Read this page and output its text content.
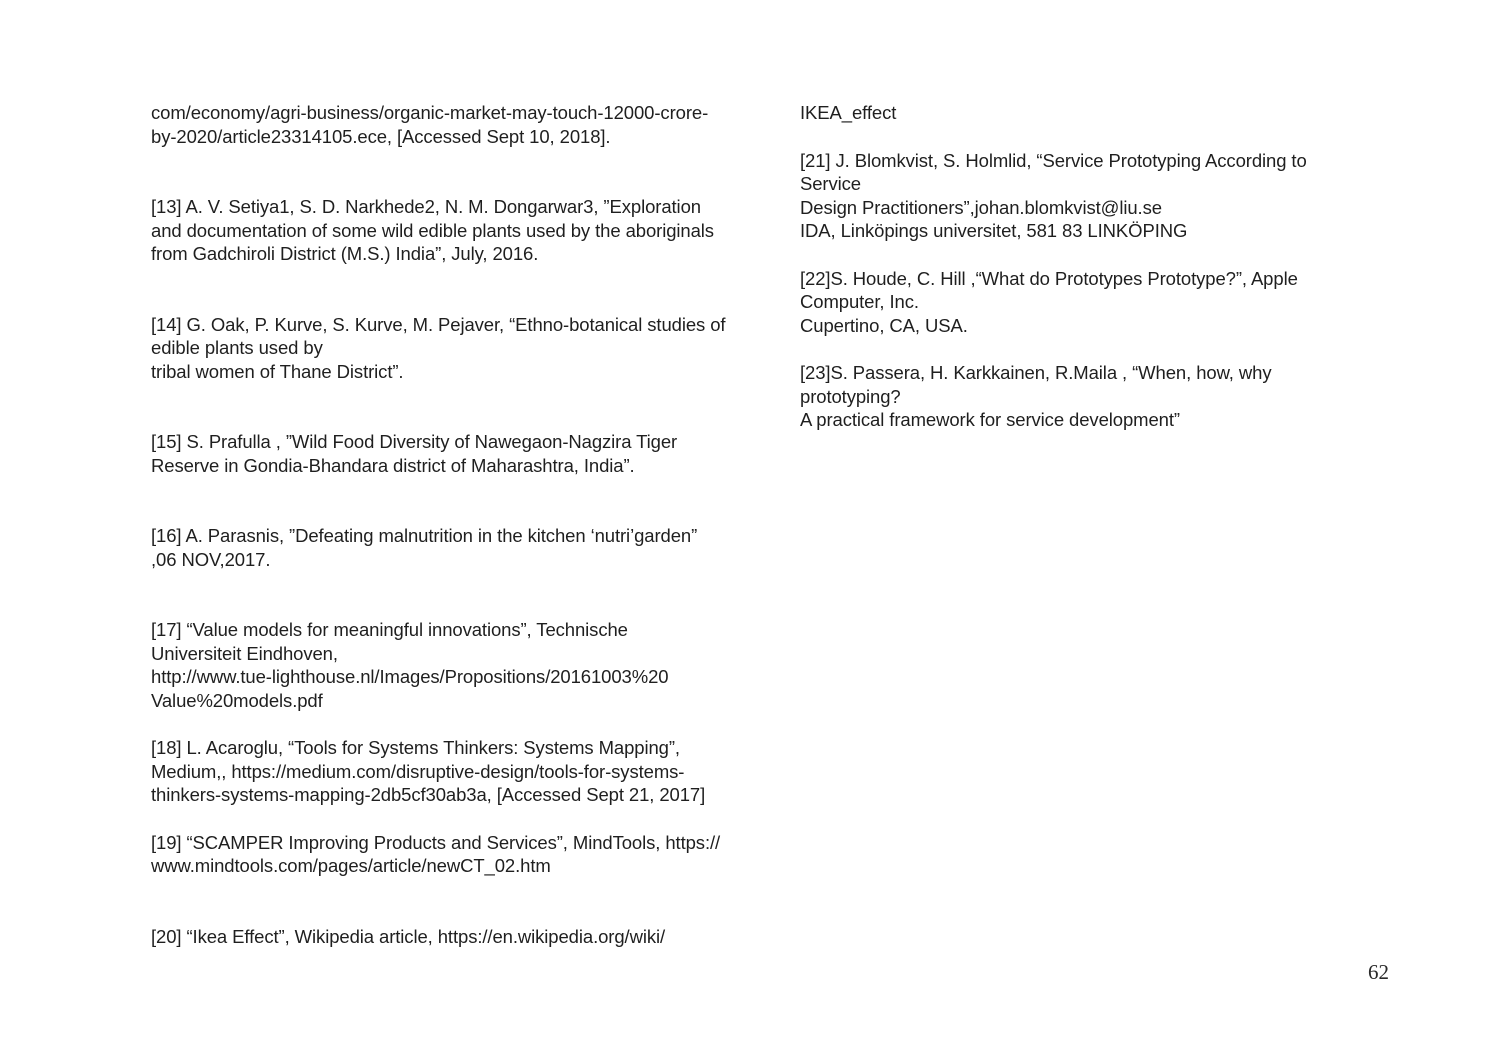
com/economy/agri-business/organic-market-may-touch-12000-crore-
by-2020/article23314105.ece, [Accessed Sept 10, 2018].
[13] A. V. Setiya1, S. D. Narkhede2, N. M. Dongarwar3, ”Exploration
and documentation of some wild edible plants used by the aboriginals
from Gadchiroli District (M.S.) India”, July, 2016.
[14] G. Oak, P. Kurve, S. Kurve, M. Pejaver, “Ethno-botanical studies of
edible plants used by
tribal women of Thane District”.
[15] S. Prafulla , ”Wild Food Diversity of Nawegaon-Nagzira Tiger
Reserve in Gondia-Bhandara district of Maharashtra, India”.
[16] A. Parasnis, ”Defeating malnutrition in the kitchen ‘nutri’garden”
,06 NOV,2017.
[17] “Value models for meaningful innovations”, Technische
Universiteit Eindhoven,
http://www.tue-lighthouse.nl/Images/Propositions/20161003%20
Value%20models.pdf
[18] L. Acaroglu, “Tools for Systems Thinkers: Systems Mapping”,
Medium,, https://medium.com/disruptive-design/tools-for-systems-
thinkers-systems-mapping-2db5cf30ab3a, [Accessed Sept 21, 2017]
[19] “SCAMPER Improving Products and Services”, MindTools, https://
www.mindtools.com/pages/article/newCT_02.htm
[20] “Ikea Effect”, Wikipedia article, https://en.wikipedia.org/wiki/
IKEA_effect
[21] J. Blomkvist, S. Holmlid, “Service Prototyping According to
Service
Design Practitioners”,johan.blomkvist@liu.se
IDA, Linköpings universitet, 581 83 LINKÖPING
[22]S. Houde, C. Hill ,“What do Prototypes Prototype?”, Apple
Computer, Inc.
Cupertino, CA, USA.
[23]S. Passera, H. Karkkainen, R.Maila , “When, how, why
prototyping?
A practical framework for service development”
62
